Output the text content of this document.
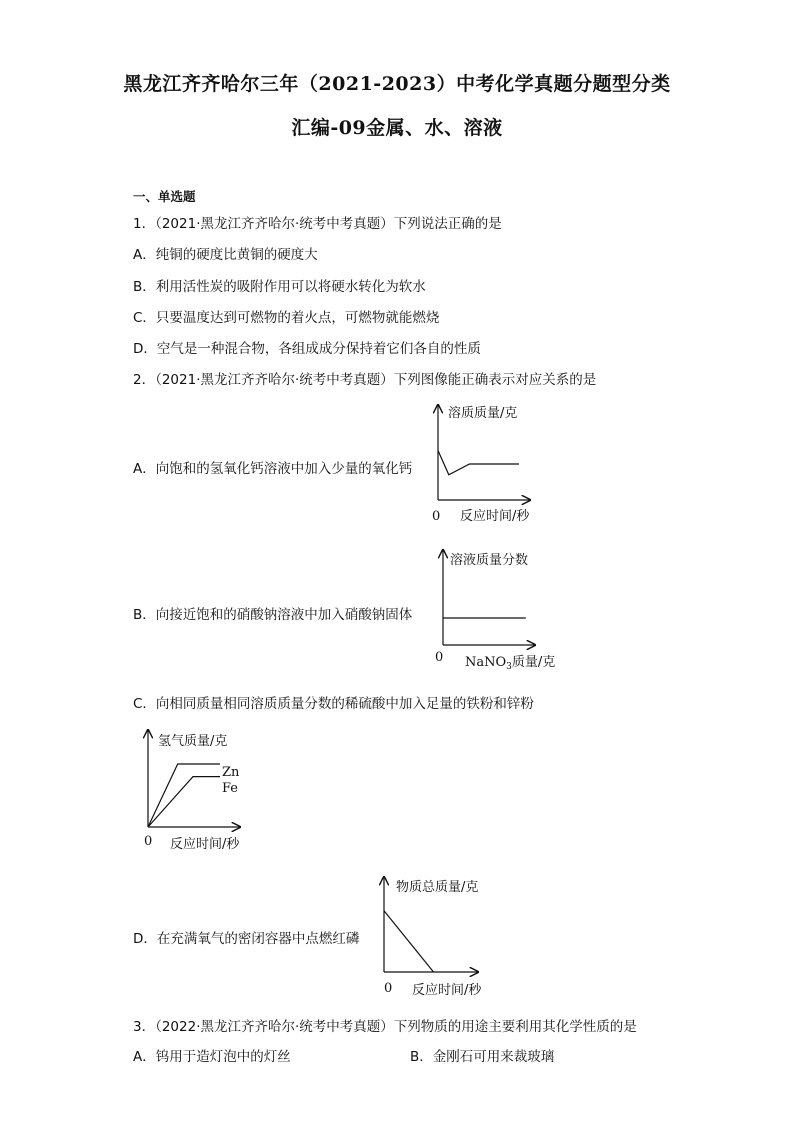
黑龙江齐齐哈尔三年（2021-2023）中考化学真题分题型分类
汇编-09金属、水、溶液
一、单选题
1．（2021·黑龙江齐齐哈尔·统考中考真题）下列说法正确的是
A．纯铜的硬度比黄铜的硬度大
B．利用活性炭的吸附作用可以将硬水转化为软水
C．只要温度达到可燃物的着火点，可燃物就能燃烧
D．空气是一种混合物，各组成成分保持着它们各自的性质
2．（2021·黑龙江齐齐哈尔·统考中考真题）下列图像能正确表示对应关系的是
A．向饱和的氢氧化钙溶液中加入少量的氧化钙
溶质质量/克
反应时间/秒
0
B．向接近饱和的硝酸钠溶液中加入硝酸钠固体
溶液质量分数
NaNO$_3$质量/克
0
C．向相同质量相同溶质质量分数的稀硫酸中加入足量的铁粉和锌粉
Zn
Fe
氢气质量/克
反应时间/秒
0
D．在充满氧气的密闭容器中点燃红磷
物质总质量/克
反应时间/秒
0
3．（2022·黑龙江齐齐哈尔·统考中考真题）下列物质的用途主要利用其化学性质的是
A．钨用于造灯泡中的灯丝	B．金刚石可用来裁玻璃
